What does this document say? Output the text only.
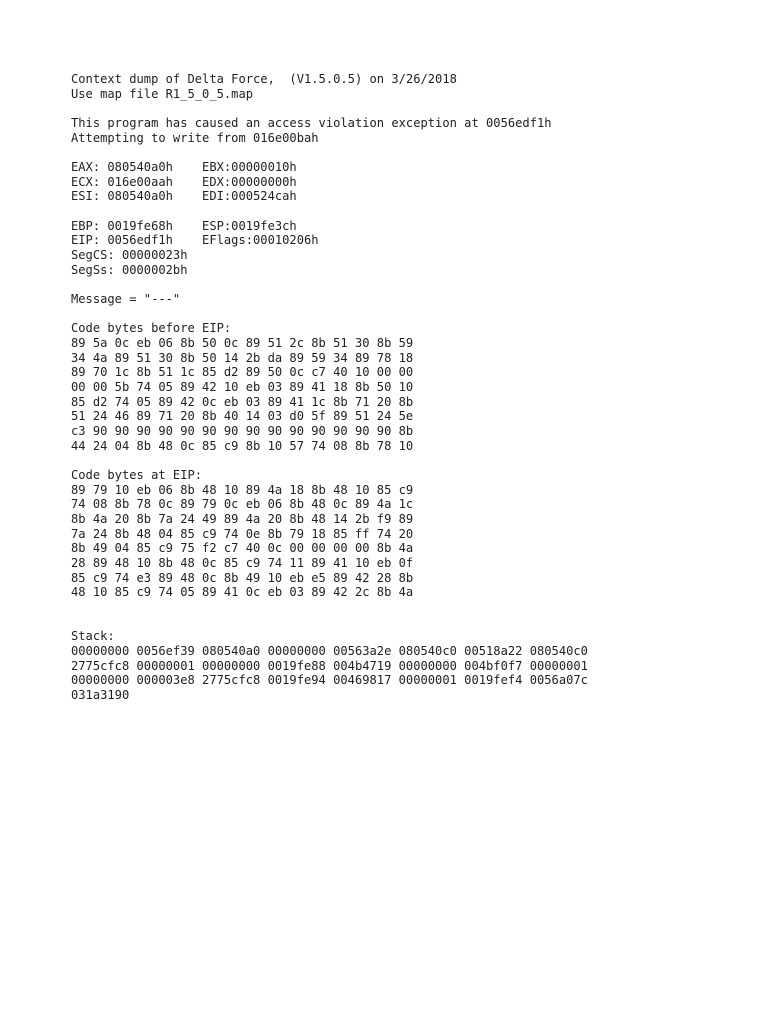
Context dump of Delta Force,  (V1.5.0.5) on 3/26/2018
Use map file R1_5_0_5.map
This program has caused an access violation exception at 0056edf1h
Attempting to write from 016e00bah
EAX: 080540a0h    EBX:00000010h
ECX: 016e00aah    EDX:00000000h
ESI: 080540a0h    EDI:000524cah
EBP: 0019fe68h    ESP:0019fe3ch
EIP: 0056edf1h    EFlags:00010206h
SegCS: 00000023h
SegSs: 0000002bh
Message = "---"
Code bytes before EIP:
89 5a 0c eb 06 8b 50 0c 89 51 2c 8b 51 30 8b 59
34 4a 89 51 30 8b 50 14 2b da 89 59 34 89 78 18
89 70 1c 8b 51 1c 85 d2 89 50 0c c7 40 10 00 00
00 00 5b 74 05 89 42 10 eb 03 89 41 18 8b 50 10
85 d2 74 05 89 42 0c eb 03 89 41 1c 8b 71 20 8b
51 24 46 89 71 20 8b 40 14 03 d0 5f 89 51 24 5e
c3 90 90 90 90 90 90 90 90 90 90 90 90 90 90 8b
44 24 04 8b 48 0c 85 c9 8b 10 57 74 08 8b 78 10
Code bytes at EIP:
89 79 10 eb 06 8b 48 10 89 4a 18 8b 48 10 85 c9
74 08 8b 78 0c 89 79 0c eb 06 8b 48 0c 89 4a 1c
8b 4a 20 8b 7a 24 49 89 4a 20 8b 48 14 2b f9 89
7a 24 8b 48 04 85 c9 74 0e 8b 79 18 85 ff 74 20
8b 49 04 85 c9 75 f2 c7 40 0c 00 00 00 00 8b 4a
28 89 48 10 8b 48 0c 85 c9 74 11 89 41 10 eb 0f
85 c9 74 e3 89 48 0c 8b 49 10 eb e5 89 42 28 8b
48 10 85 c9 74 05 89 41 0c eb 03 89 42 2c 8b 4a
Stack:
00000000 0056ef39 080540a0 00000000 00563a2e 080540c0 00518a22 080540c0
2775cfc8 00000001 00000000 0019fe88 004b4719 00000000 004bf0f7 00000001
00000000 000003e8 2775cfc8 0019fe94 00469817 00000001 0019fef4 0056a07c
031a3190
